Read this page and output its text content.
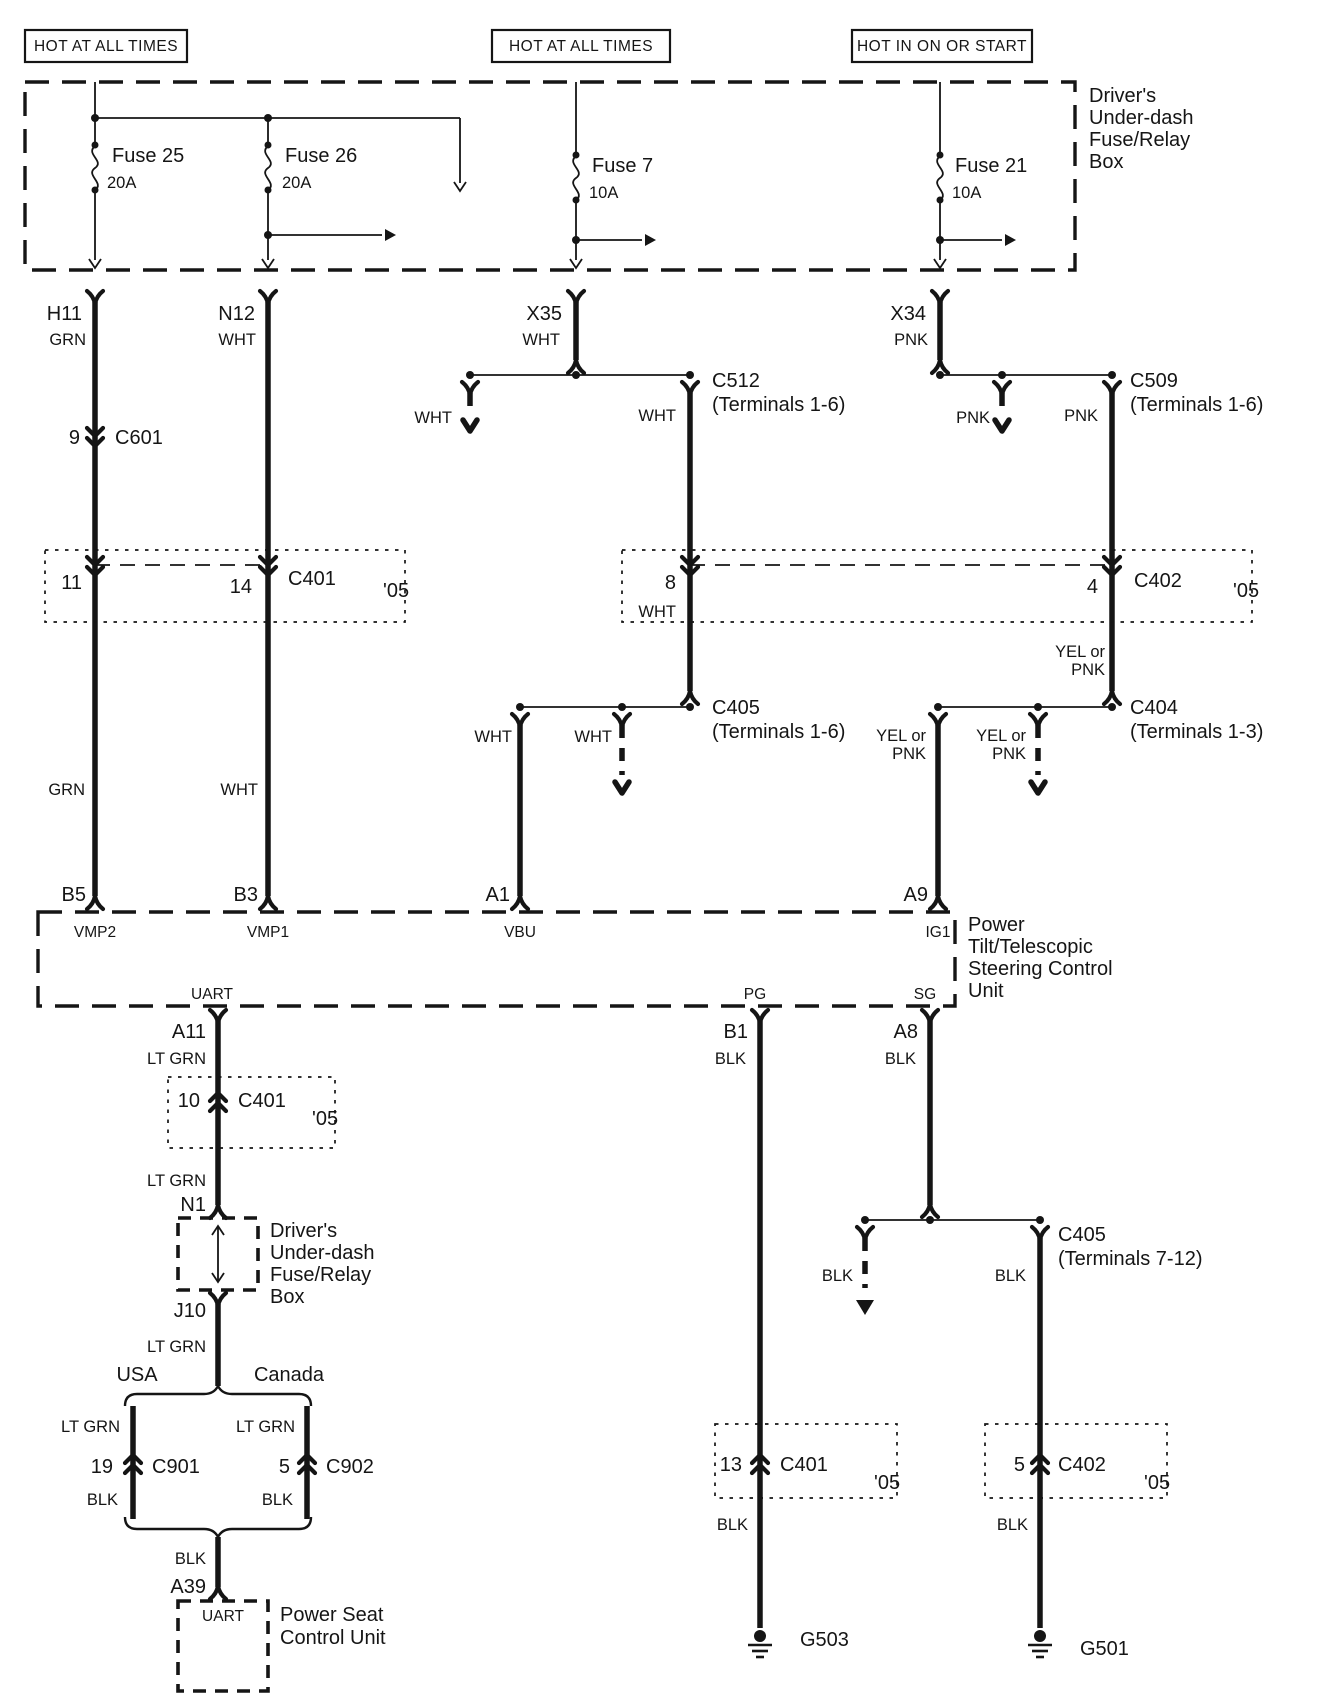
HOT AT ALL TIMES	HOT AT ALL TIMES	HOT IN ON OR START
Driver's
Under-dash
Fuse/Relay
Box
Fuse 25
20A
Fuse 26
20A
Fuse 7
10A
Fuse 21
10A
H11
GRN
9 C601
GRN
N12
WHT
WHT
11	14 C401
'05
X35
WHT
WHT	WHT
C512
(Terminals 1-6)
C405
(Terminals 1-6)
WHT	WHT
X34
PNK
PNK	PNK
C509
(Terminals 1-6)
YEL or
PNK
8
WHT
4 C402	'05
C404
(Terminals 1-3)
YEL or
PNK
YEL or
PNK
Power
Tilt/Telescopic
Steering Control
Unit
B5
VMP2
B3
VMP1
A1
VBU
A9
IG1
UART	PG	SG
A11
LT GRN
10 C401
'05
LT GRN
N1
Driver's
Under-dash
Fuse/Relay
Box
J10
LT GRN
USA	Canada
LT GRN	LT GRN
19 C901	5 C902
BLK	BLK
BLK
A39
UART Power Seat
Control Unit
B1
BLK
13 C401
'05
BLK
G503
A8
BLK
BLK
C405
(Terminals 7-12)
BLK
5 C402
'05
BLK
G501
